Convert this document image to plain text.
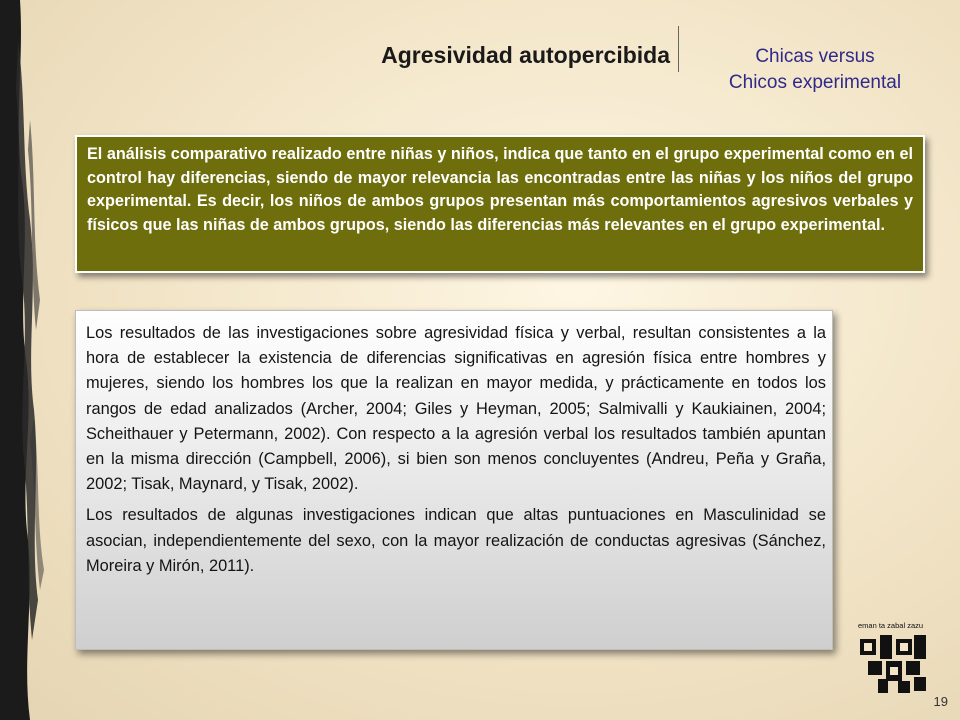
Agresividad autopercibida	Chicas versus
Chicos experimental
El análisis comparativo realizado entre niñas y niños, indica que tanto en el grupo experimental como en el control hay diferencias, siendo de mayor relevancia las encontradas entre las niñas y los niños del grupo experimental. Es decir, los niños de ambos grupos presentan más comportamientos agresivos verbales y físicos que las niñas de ambos grupos, siendo las diferencias más relevantes en el grupo experimental.

Los resultados de las investigaciones sobre agresividad física y verbal, resultan consistentes a la hora de establecer la existencia de diferencias significativas en agresión física entre hombres y mujeres, siendo los hombres los que la realizan en mayor medida, y prácticamente en todos los rangos de edad analizados (Archer, 2004; Giles y Heyman, 2005; Salmivalli y Kaukiainen, 2004; Scheithauer y Petermann, 2002). Con respecto a la agresión verbal los resultados también apuntan en la misma dirección (Campbell, 2006), si bien son menos concluyentes (Andreu, Peña y Graña, 2002; Tisak, Maynard, y Tisak, 2002).

Los resultados de algunas investigaciones indican que altas puntuaciones en Masculinidad se asocian, independientemente del sexo, con la mayor realización de conductas agresivas (Sánchez, Moreira y Mirón, 2011).

eman ta zabal zazu
19
